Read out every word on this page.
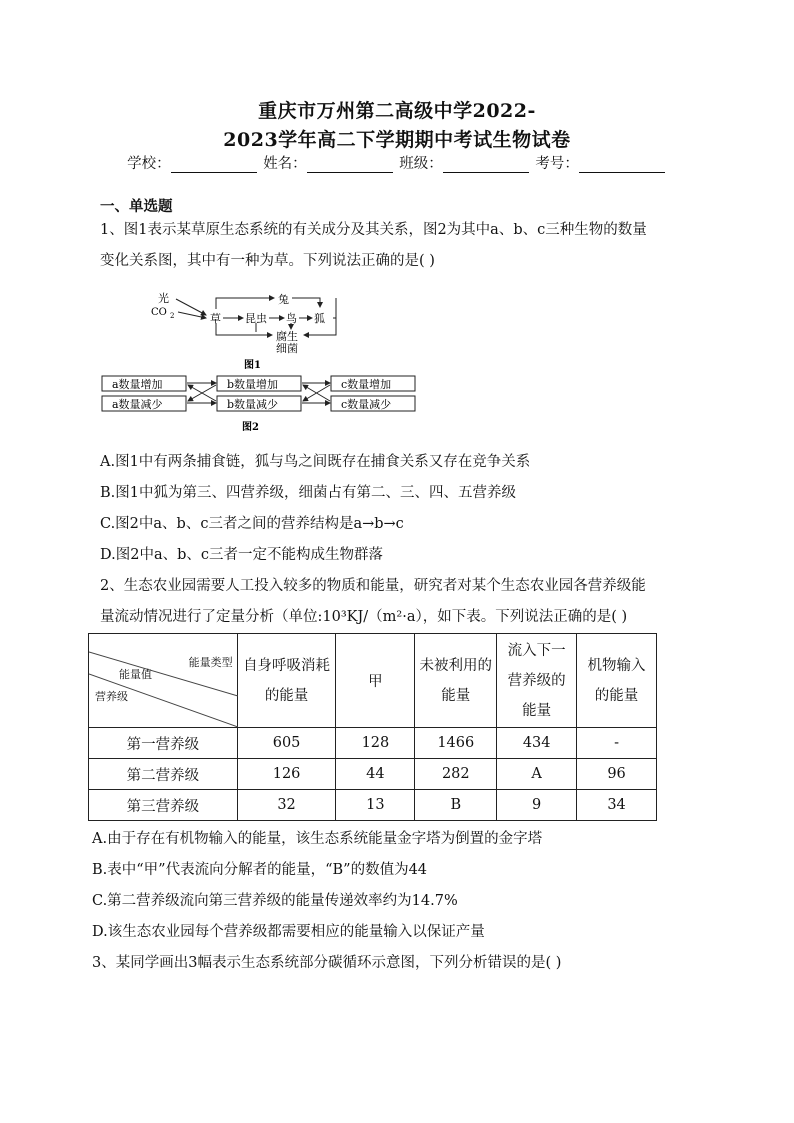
重庆市万州第二高级中学2022-
2023学年高二下学期期中考试生物试卷
学校：	姓名：	班级：	考号：
一、单选题
1、图1表示某草原生态系统的有关成分及其关系，图2为其中a、b、c三种生物的数量
变化关系图，其中有一种为草。下列说法正确的是( )
光
CO 2	草 昆虫 鸟 狐
兔
腐生
细菌
图1
a数量增加
a数量减少
b数量增加
b数量减少
c数量增加
c数量减少
图2
A.图1中有两条捕食链，狐与鸟之间既存在捕食关系又存在竞争关系
B.图1中狐为第三、四营养级，细菌占有第二、三、四、五营养级
C.图2中a、b、c三者之间的营养结构是a→b→c
D.图2中a、b、c三者一定不能构成生物群落
2、生态农业园需要人工投入较多的物质和能量，研究者对某个生态农业园各营养级能
量流动情况进行了定量分析（单位:10³KJ/（m²·a），如下表。下列说法正确的是( )
能量类型
能量值
营养级	自身呼吸消耗的能量	甲	未被利用的能量	流入下一营养级的能量	机物输入的能量
第一营养级	605	128	1466	434	-
第二营养级	126	44	282	A	96
第三营养级	32	13	B	9	34
A.由于存在有机物输入的能量，该生态系统能量金字塔为倒置的金字塔
B.表中“甲”代表流向分解者的能量，“B”的数值为44
C.第二营养级流向第三营养级的能量传递效率约为14.7%
D.该生态农业园每个营养级都需要相应的能量输入以保证产量
3、某同学画出3幅表示生态系统部分碳循环示意图，下列分析错误的是( )
